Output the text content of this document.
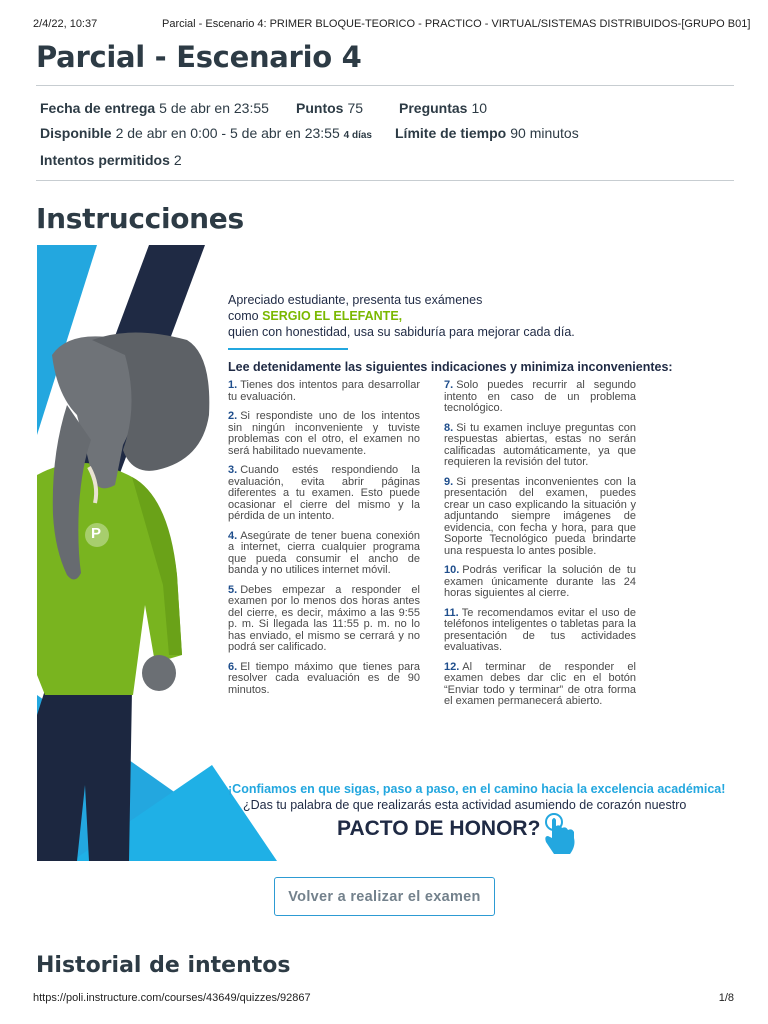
2/4/22, 10:37	Parcial - Escenario 4: PRIMER BLOQUE-TEORICO - PRACTICO - VIRTUAL/SISTEMAS DISTRIBUIDOS-[GRUPO B01]
Parcial - Escenario 4
Fecha de entrega 5 de abr en 23:55 Puntos 75	Preguntas 10
Disponible 2 de abr en 0:00 - 5 de abr en 23:55 4 días Límite de tiempo 90 minutos
Intentos permitidos 2
Instrucciones
P
Apreciado estudiante, presenta tus exámenes
como SERGIO EL ELEFANTE,
quien con honestidad, usa su sabiduría para mejorar cada día.
Lee detenidamente las siguientes indicaciones y minimiza inconvenientes:

1. Tienes dos intentos para desarrollar tu evaluación.

2. Si respondiste uno de los intentos sin ningún inconveniente y tuviste problemas con el otro, el examen no será habilitado nuevamente.

3. Cuando estés respondiendo la evaluación, evita abrir páginas diferentes a tu examen. Esto puede ocasionar el cierre del mismo y la pérdida de un intento.

4. Asegúrate de tener buena conexión a internet, cierra cualquier programa que pueda consumir el ancho de banda y no utilices internet móvil.

5. Debes empezar a responder el examen por lo menos dos horas antes del cierre, es decir, máximo a las 9:55 p. m. Si llegada las 11:55 p. m. no lo has enviado, el mismo se cerrará y no podrá ser calificado.

6. El tiempo máximo que tienes para resolver cada evaluación es de 90 minutos.

7. Solo puedes recurrir al segundo intento en caso de un problema tecnológico.

8. Si tu examen incluye preguntas con respuestas abiertas, estas no serán calificadas automáticamente, ya que requieren la revisión del tutor.

9. Si presentas inconvenientes con la presentación del examen, puedes crear un caso explicando la situación y adjuntando siempre imágenes de evidencia, con fecha y hora, para que Soporte Tecnológico pueda brindarte una respuesta lo antes posible.

10. Podrás verificar la solución de tu examen únicamente durante las 24 horas siguientes al cierre.

11. Te recomendamos evitar el uso de teléfonos inteligentes o tabletas para la presentación de tus actividades evaluativas.

12. Al terminar de responder el examen debes dar clic en el botón “Enviar todo y terminar” de otra forma el examen permanecerá abierto.

¡Confiamos en que sigas, paso a paso, en el camino hacia la excelencia académica!
¿Das tu palabra de que realizarás esta actividad asumiendo de corazón nuestro
PACTO DE HONOR?
Volver a realizar el examen
Historial de intentos
https://poli.instructure.com/courses/43649/quizzes/92867	1/8
